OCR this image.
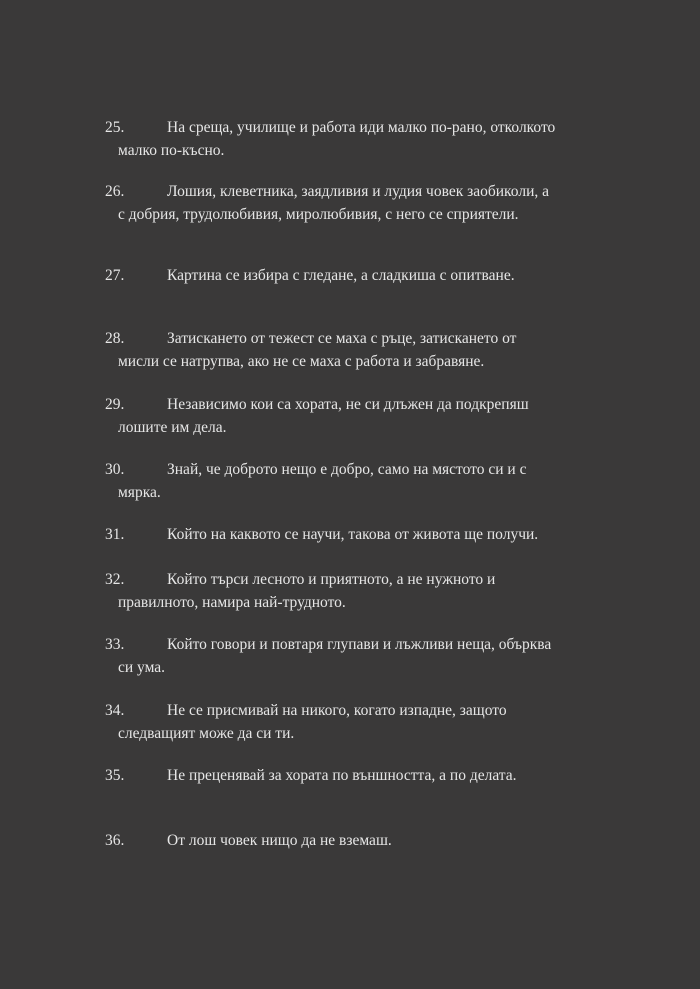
25.	На среща, училище и работа иди малко по-рано, отколкото
малко по-късно.
26.	Лошия, клеветника, заядливия и лудия човек заобиколи, а
с добрия, трудолюбивия, миролюбивия, с него се сприятели.
27.	Картина се избира с гледане, а сладкиша с опитване.
28.	Затискането от тежест се маха с ръце, затискането от
мисли се натрупва, ако не се маха с работа и забравяне.
29.	Независимо кои са хората, не си длъжен да подкрепяш
лошите им дела.
30.	Знай, че доброто нещо е добро, само на мястото си и с
мярка.
31.	Който на каквото се научи, такова от живота ще получи.
32.	Който търси лесното и приятното, а не нужното и
правилното, намира най-трудното.
33.	Който говори и повтаря глупави и лъжливи неща, обърква
си ума.
34.	Не се присмивай на никого, когато изпадне, защото
следващият може да си ти.
35.	Не преценявай за хората по външността, а по делата.
36.	От лош човек нищо да не вземаш.
